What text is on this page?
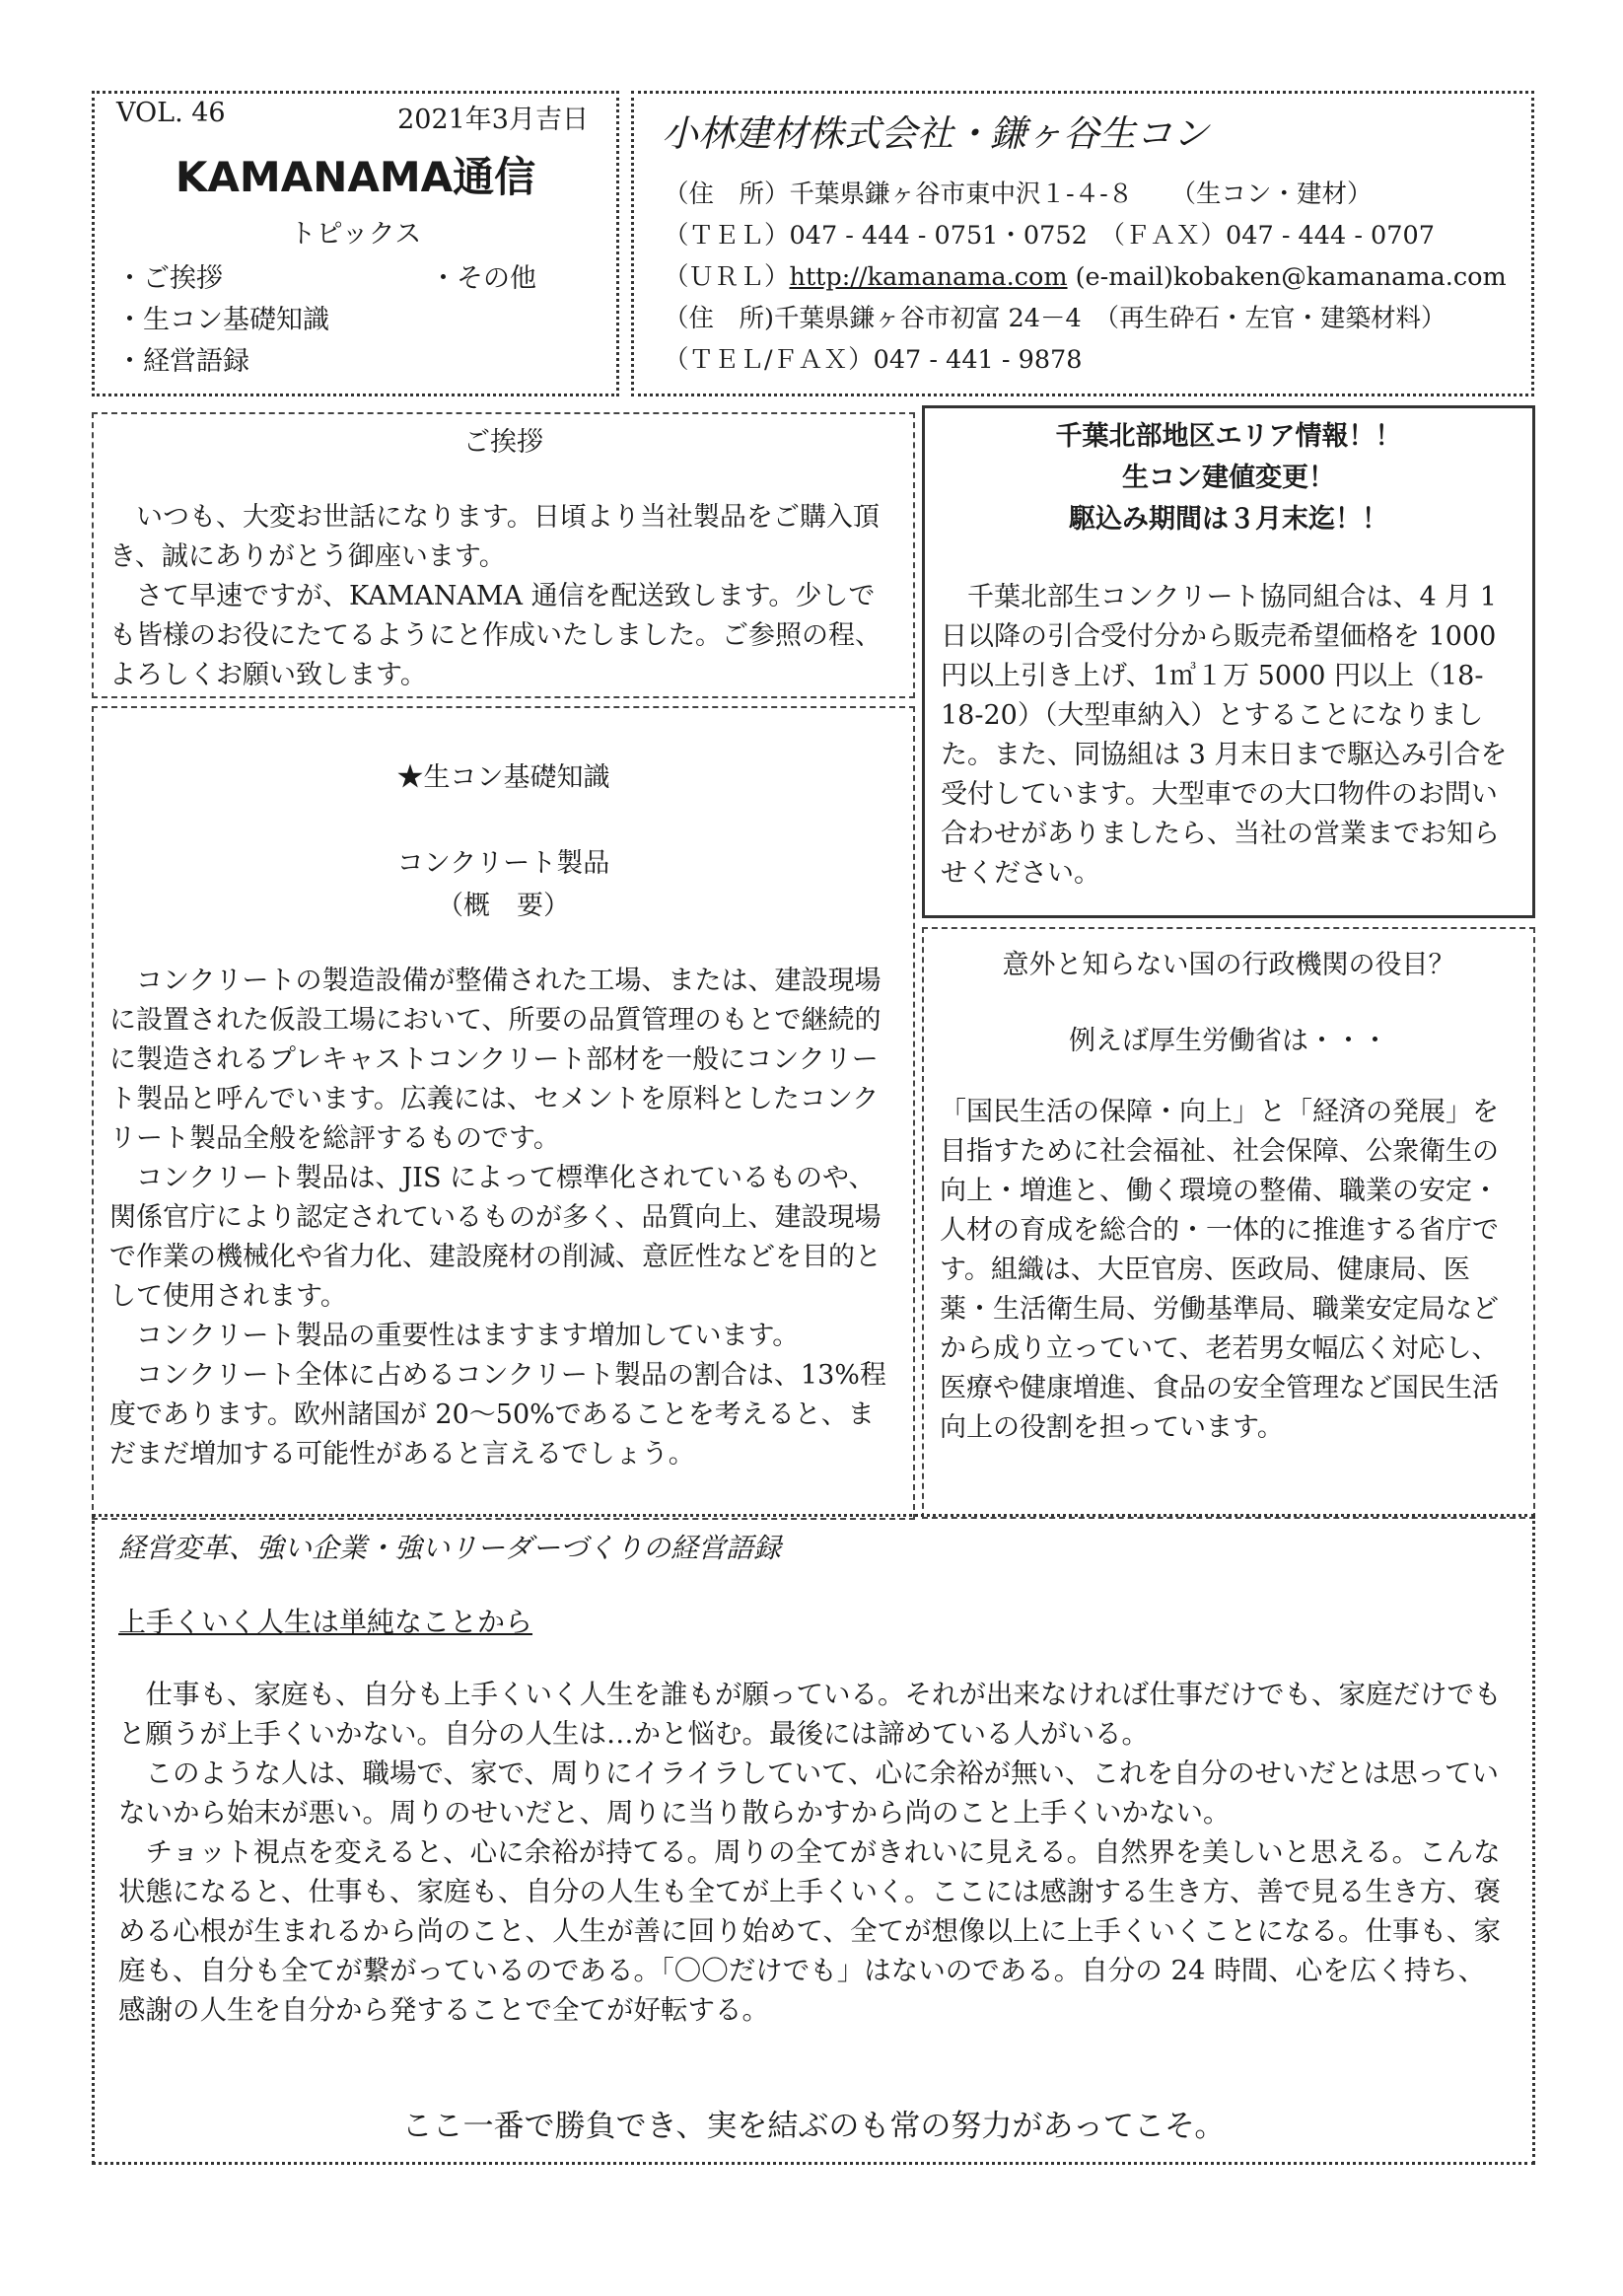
VOL. 46	2021年3月吉日
KAMANAMA通信
トピックス
・ご挨拶	・その他
・生コン基礎知識
・経営語録
小林建材株式会社・鎌ヶ谷生コン
（住　所）千葉県鎌ヶ谷市東中沢１-４-８　　（生コン・建材）
（ＴＥＬ）047 - 444 - 0751・0752　（ＦＡＸ）047 - 444 - 0707
（ＵＲＬ）http://kamanama.com (e-mail)kobaken@kamanama.com
（住　所)千葉県鎌ヶ谷市初富 24－4　（再生砕石・左官・建築材料）
（ＴＥＬ/ＦＡＸ）047 - 441 - 9878
ご挨拶

　いつも、大変お世話になります。日頃より当社製品をご購入頂き、誠にありがとう御座います。

　さて早速ですが、KAMANAMA 通信を配送致します。少しでも皆様のお役にたてるようにと作成いたしました。ご参照の程、よろしくお願い致します。

★生コン基礎知識
コンクリート製品
（概　要）

　コンクリートの製造設備が整備された工場、または、建設現場に設置された仮設工場において、所要の品質管理のもとで継続的に製造されるプレキャストコンクリート部材を一般にコンクリート製品と呼んでいます。広義には、セメントを原料としたコンクリート製品全般を総評するものです。

　コンクリート製品は、JIS によって標準化されているものや、関係官庁により認定されているものが多く、品質向上、建設現場で作業の機械化や省力化、建設廃材の削減、意匠性などを目的として使用されます。

　コンクリート製品の重要性はますます増加しています。

　コンクリート全体に占めるコンクリート製品の割合は、13%程度であります。欧州諸国が 20～50%であることを考えると、まだまだ増加する可能性があると言えるでしょう。

千葉北部地区エリア情報！！
生コン建値変更！
駆込み期間は３月末迄！！

　千葉北部生コンクリート協同組合は、4 月 1 日以降の引合受付分から販売希望価格を 1000 円以上引き上げ、1㎥１万 5000 円以上（18-18-20）（大型車納入）とすることになりました。また、同協組は 3 月末日まで駆込み引合を受付しています。大型車での大口物件のお問い合わせがありましたら、当社の営業までお知らせください。

意外と知らない国の行政機関の役目？
例えば厚生労働省は・・・

「国民生活の保障・向上」と「経済の発展」を目指すために社会福祉、社会保障、公衆衛生の向上・増進と、働く環境の整備、職業の安定・人材の育成を総合的・一体的に推進する省庁です。組織は、大臣官房、医政局、健康局、医薬・生活衛生局、労働基準局、職業安定局などから成り立っていて、老若男女幅広く対応し、医療や健康増進、食品の安全管理など国民生活向上の役割を担っています。

経営変革、強い企業・強いリーダーづくりの経営語録
上手くいく人生は単純なことから

　仕事も、家庭も、自分も上手くいく人生を誰もが願っている。それが出来なければ仕事だけでも、家庭だけでもと願うが上手くいかない。自分の人生は…かと悩む。最後には諦めている人がいる。

　このような人は、職場で、家で、周りにイライラしていて、心に余裕が無い、これを自分のせいだとは思っていないから始末が悪い。周りのせいだと、周りに当り散らかすから尚のこと上手くいかない。

　チョット視点を変えると、心に余裕が持てる。周りの全てがきれいに見える。自然界を美しいと思える。こんな状態になると、仕事も、家庭も、自分の人生も全てが上手くいく。ここには感謝する生き方、善で見る生き方、褒める心根が生まれるから尚のこと、人生が善に回り始めて、全てが想像以上に上手くいくことになる。仕事も、家庭も、自分も全てが繋がっているのである。「〇〇だけでも」はないのである。自分の 24 時間、心を広く持ち、感謝の人生を自分から発することで全てが好転する。

ここ一番で勝負でき、実を結ぶのも常の努力があってこそ。
